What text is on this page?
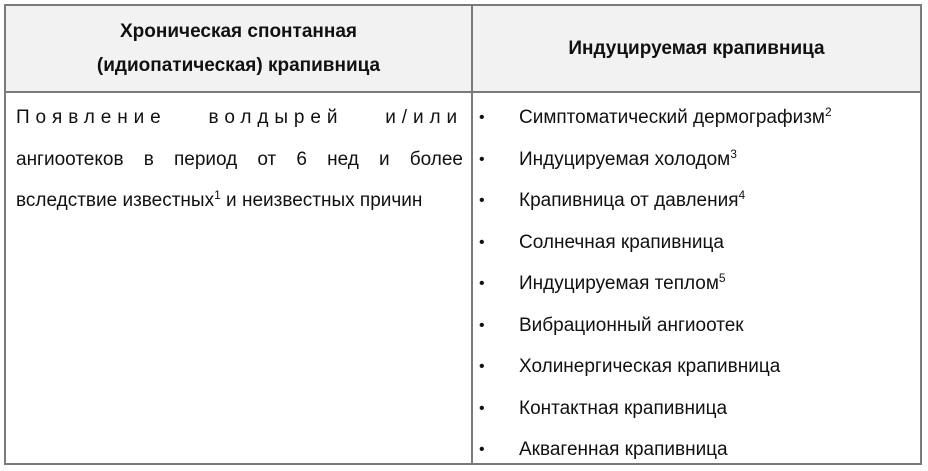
Хроническая спонтанная
(идиопатическая) крапивница
Индуцируемая крапивница
Появление волдырей и/или ангиоотеков в период от 6 нед и более вследствие известных$^1$ и неизвестных причин
• Симптоматический дермографизм$^2$
• Индуцируемая холодом$^3$
• Крапивница от давления$^4$
• Солнечная крапивница
• Индуцируемая теплом$^5$
• Вибрационный ангиоотек
• Холинергическая крапивница
• Контактная крапивница
• Аквагенная крапивница
